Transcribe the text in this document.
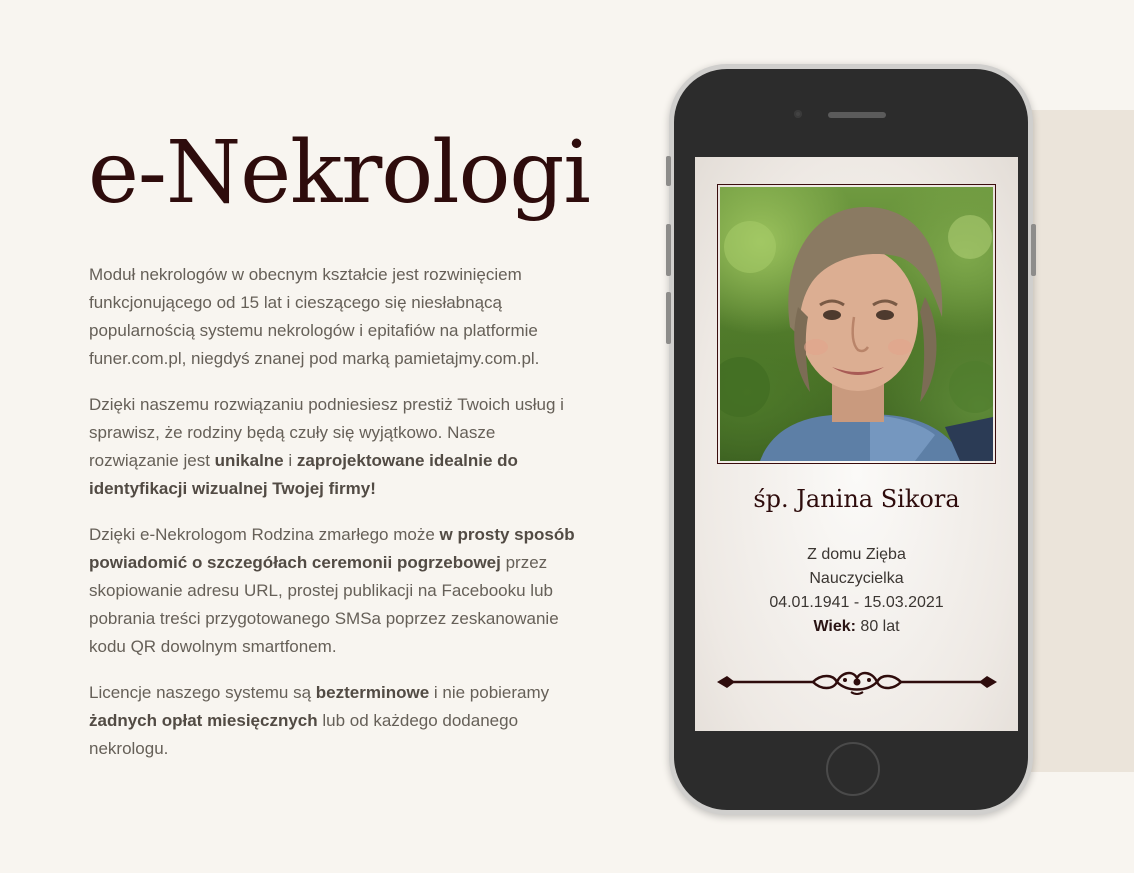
e-Nekrologi

Moduł nekrologów w obecnym kształcie jest rozwinięciem funkcjonującego od 15 lat i cieszącego się niesłabnącą popularnością systemu nekrologów i epitafiów na platformie funer.com.pl, niegdyś znanej pod marką pamietajmy.com.pl.

Dzięki naszemu rozwiązaniu podniesiesz prestiż Twoich usług i sprawisz, że rodziny będą czuły się wyjątkowo. Nasze rozwiązanie jest unikalne i zaprojektowane idealnie do identyfikacji wizualnej Twojej firmy!

Dzięki e-Nekrologom Rodzina zmarłego może w prosty sposób powiadomić o szczegółach ceremonii pogrzebowej przez skopiowanie adresu URL, prostej publikacji na Facebooku lub pobrania treści przygotowanego SMSa poprzez zeskanowanie kodu QR dowolnym smartfonem.

Licencje naszego systemu są bezterminowe i nie pobieramy żadnych opłat miesięcznych lub od każdego dodanego nekrologu.

śp. Janina Sikora
Z domu Zięba
Nauczycielka
04.01.1941 - 15.03.2021
Wiek: 80 lat
